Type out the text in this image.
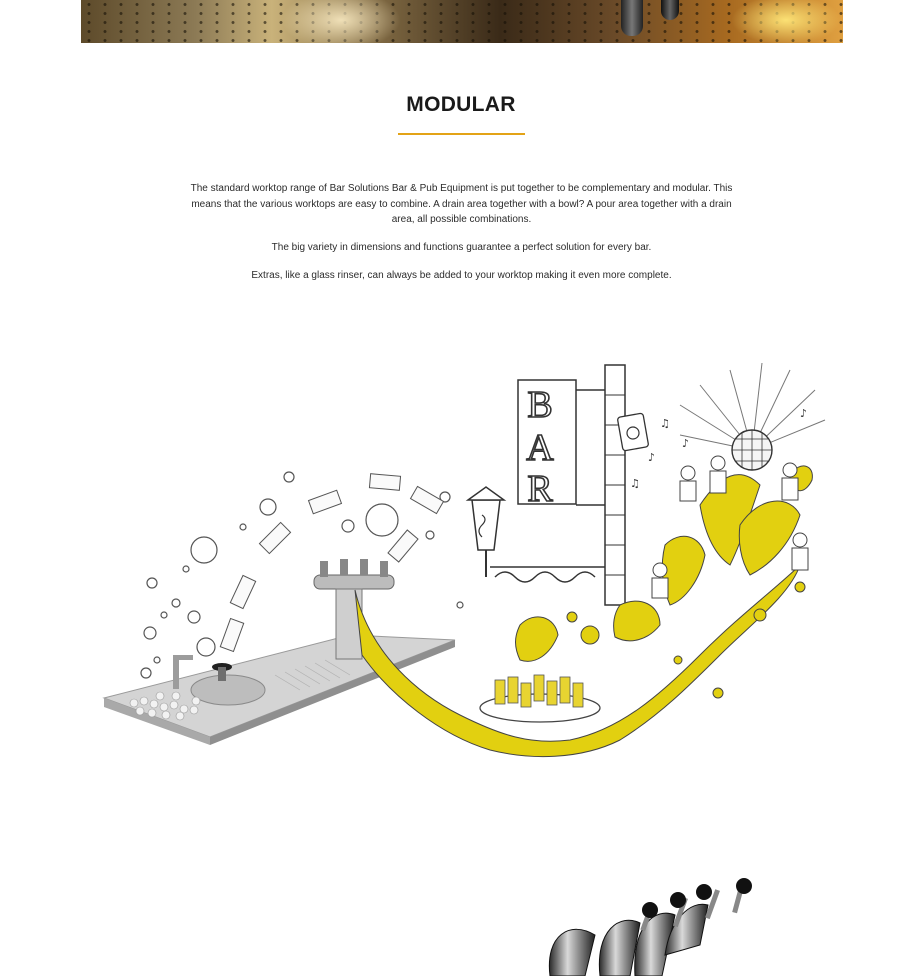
MODULAR

The standard worktop range of Bar Solutions Bar & Pub Equipment is put together to be complementary and modular. This means that the various worktops are easy to combine. A drain area together with a bowl? A pour area together with a drain area, all possible combinations.

The big variety in dimensions and functions guarantee a perfect solution for every bar.

Extras, like a glass rinser, can always be added to your worktop making it even more complete.

B
A
R
♫
♪
♫
♪
♪
